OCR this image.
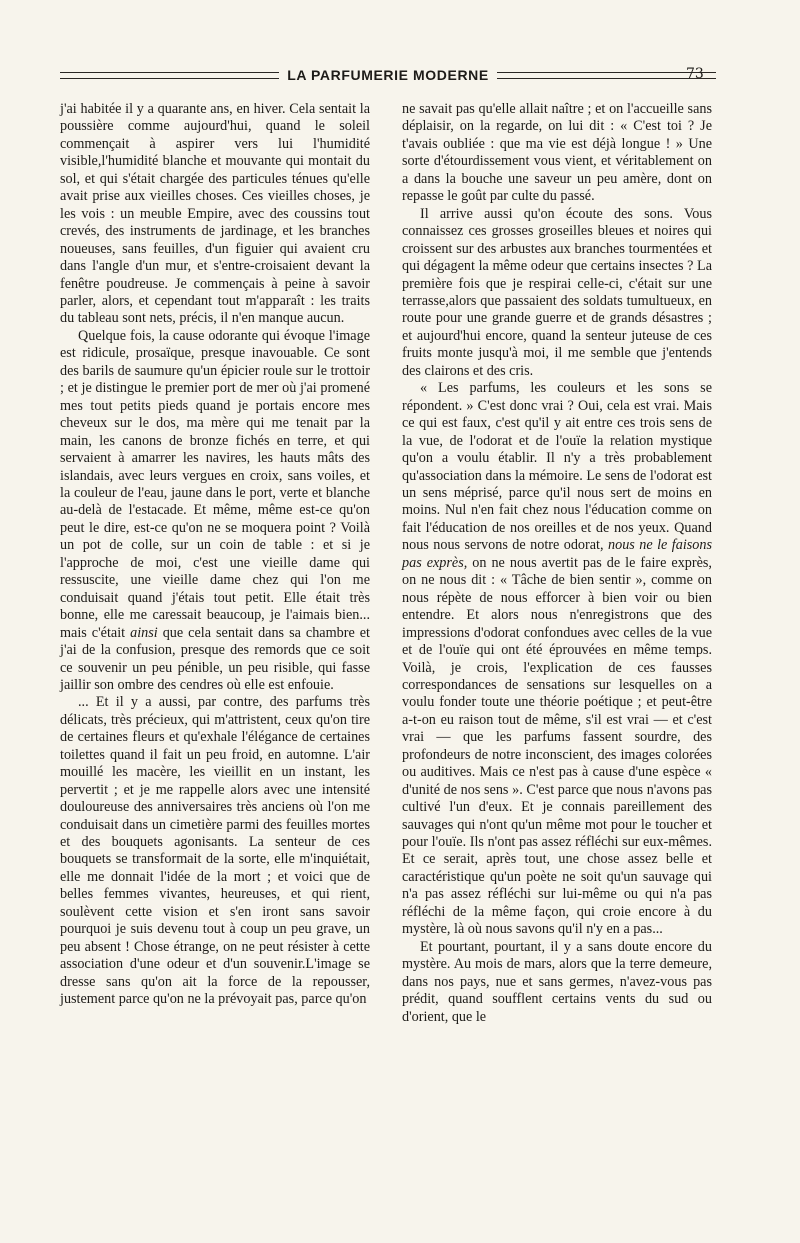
LA PARFUMERIE MODERNE	73

j'ai habitée il y a quarante ans, en hiver. Cela sentait la poussière comme aujourd'hui, quand le soleil commençait à aspirer vers lui l'humidité visible,l'humidité blanche et mouvante qui montait du sol, et qui s'était chargée des particules ténues qu'elle avait prise aux vieilles choses. Ces vieilles choses, je les vois : un meuble Empire, avec des coussins tout crevés, des instruments de jardinage, et les branches noueuses, sans feuilles, d'un figuier qui avaient cru dans l'angle d'un mur, et s'entre-croisaient devant la fenêtre poudreuse. Je commençais à peine à savoir parler, alors, et cependant tout m'apparaît : les traits du tableau sont nets, précis, il n'en manque aucun.

Quelque fois, la cause odorante qui évoque l'image est ridicule, prosaïque, presque inavouable. Ce sont des barils de saumure qu'un épicier roule sur le trottoir ; et je distingue le premier port de mer où j'ai promené mes tout petits pieds quand je portais encore mes cheveux sur le dos, ma mère qui me tenait par la main, les canons de bronze fichés en terre, et qui servaient à amarrer les navires, les hauts mâts des islandais, avec leurs vergues en croix, sans voiles, et la couleur de l'eau, jaune dans le port, verte et blanche au-delà de l'estacade. Et même, même est-ce qu'on peut le dire, est-ce qu'on ne se moquera point ? Voilà un pot de colle, sur un coin de table : et si je l'approche de moi, c'est une vieille dame qui ressuscite, une vieille dame chez qui l'on me conduisait quand j'étais tout petit. Elle était très bonne, elle me caressait beaucoup, je l'aimais bien... mais c'était ainsi que cela sentait dans sa chambre et j'ai de la confusion, presque des remords que ce soit ce souvenir un peu pénible, un peu risible, qui fasse jaillir son ombre des cendres où elle est enfouie.

... Et il y a aussi, par contre, des parfums très délicats, très précieux, qui m'attristent, ceux qu'on tire de certaines fleurs et qu'exhale l'élégance de certaines toilettes quand il fait un peu froid, en automne. L'air mouillé les macère, les vieillit en un instant, les pervertit ; et je me rappelle alors avec une intensité douloureuse des anniversaires très anciens où l'on me conduisait dans un cimetière parmi des feuilles mortes et des bouquets agonisants. La senteur de ces bouquets se transformait de la sorte, elle m'inquiétait, elle me donnait l'idée de la mort ; et voici que de belles femmes vivantes, heureuses, et qui rient, soulèvent cette vision et s'en iront sans savoir pourquoi je suis devenu tout à coup un peu grave, un peu absent ! Chose étrange, on ne peut résister à cette association d'une odeur et d'un souvenir.L'image se dresse sans qu'on ait la force de la repousser, justement parce qu'on ne la prévoyait pas, parce qu'on

ne savait pas qu'elle allait naître ; et on l'accueille sans déplaisir, on la regarde, on lui dit : « C'est toi ? Je t'avais oubliée : que ma vie est déjà longue ! » Une sorte d'étourdissement vous vient, et véritablement on a dans la bouche une saveur un peu amère, dont on repasse le goût par culte du passé.

Il arrive aussi qu'on écoute des sons. Vous connaissez ces grosses groseilles bleues et noires qui croissent sur des arbustes aux branches tourmentées et qui dégagent la même odeur que certains insectes ? La première fois que je respirai celle-ci, c'était sur une terrasse,alors que passaient des soldats tumultueux, en route pour une grande guerre et de grands désastres ; et aujourd'hui encore, quand la senteur juteuse de ces fruits monte jusqu'à moi, il me semble que j'entends des clairons et des cris.

« Les parfums, les couleurs et les sons se répondent. » C'est donc vrai ? Oui, cela est vrai. Mais ce qui est faux, c'est qu'il y ait entre ces trois sens de la vue, de l'odorat et de l'ouïe la relation mystique qu'on a voulu établir. Il n'y a très probablement qu'association dans la mémoire. Le sens de l'odorat est un sens méprisé, parce qu'il nous sert de moins en moins. Nul n'en fait chez nous l'éducation comme on fait l'éducation de nos oreilles et de nos yeux. Quand nous nous servons de notre odorat, nous ne le faisons pas exprès, on ne nous avertit pas de le faire exprès, on ne nous dit : « Tâche de bien sentir », comme on nous répète de nous efforcer à bien voir ou bien entendre. Et alors nous n'enregistrons que des impressions d'odorat confondues avec celles de la vue et de l'ouïe qui ont été éprouvées en même temps. Voilà, je crois, l'explication de ces fausses correspondances de sensations sur lesquelles on a voulu fonder toute une théorie poétique ; et peut-être a-t-on eu raison tout de même, s'il est vrai — et c'est vrai — que les parfums fassent sourdre, des profondeurs de notre inconscient, des images colorées ou auditives. Mais ce n'est pas à cause d'une espèce « d'unité de nos sens ». C'est parce que nous n'avons pas cultivé l'un d'eux. Et je connais pareillement des sauvages qui n'ont qu'un même mot pour le toucher et pour l'ouïe. Ils n'ont pas assez réfléchi sur eux-mêmes. Et ce serait, après tout, une chose assez belle et caractéristique qu'un poète ne soit qu'un sauvage qui n'a pas assez réfléchi sur lui-même ou qui n'a pas réfléchi de la même façon, qui croie encore à du mystère, là où nous savons qu'il n'y en a pas...

Et pourtant, pourtant, il y a sans doute encore du mystère. Au mois de mars, alors que la terre demeure, dans nos pays, nue et sans germes, n'avez-vous pas prédit, quand soufflent certains vents du sud ou d'orient, que le
